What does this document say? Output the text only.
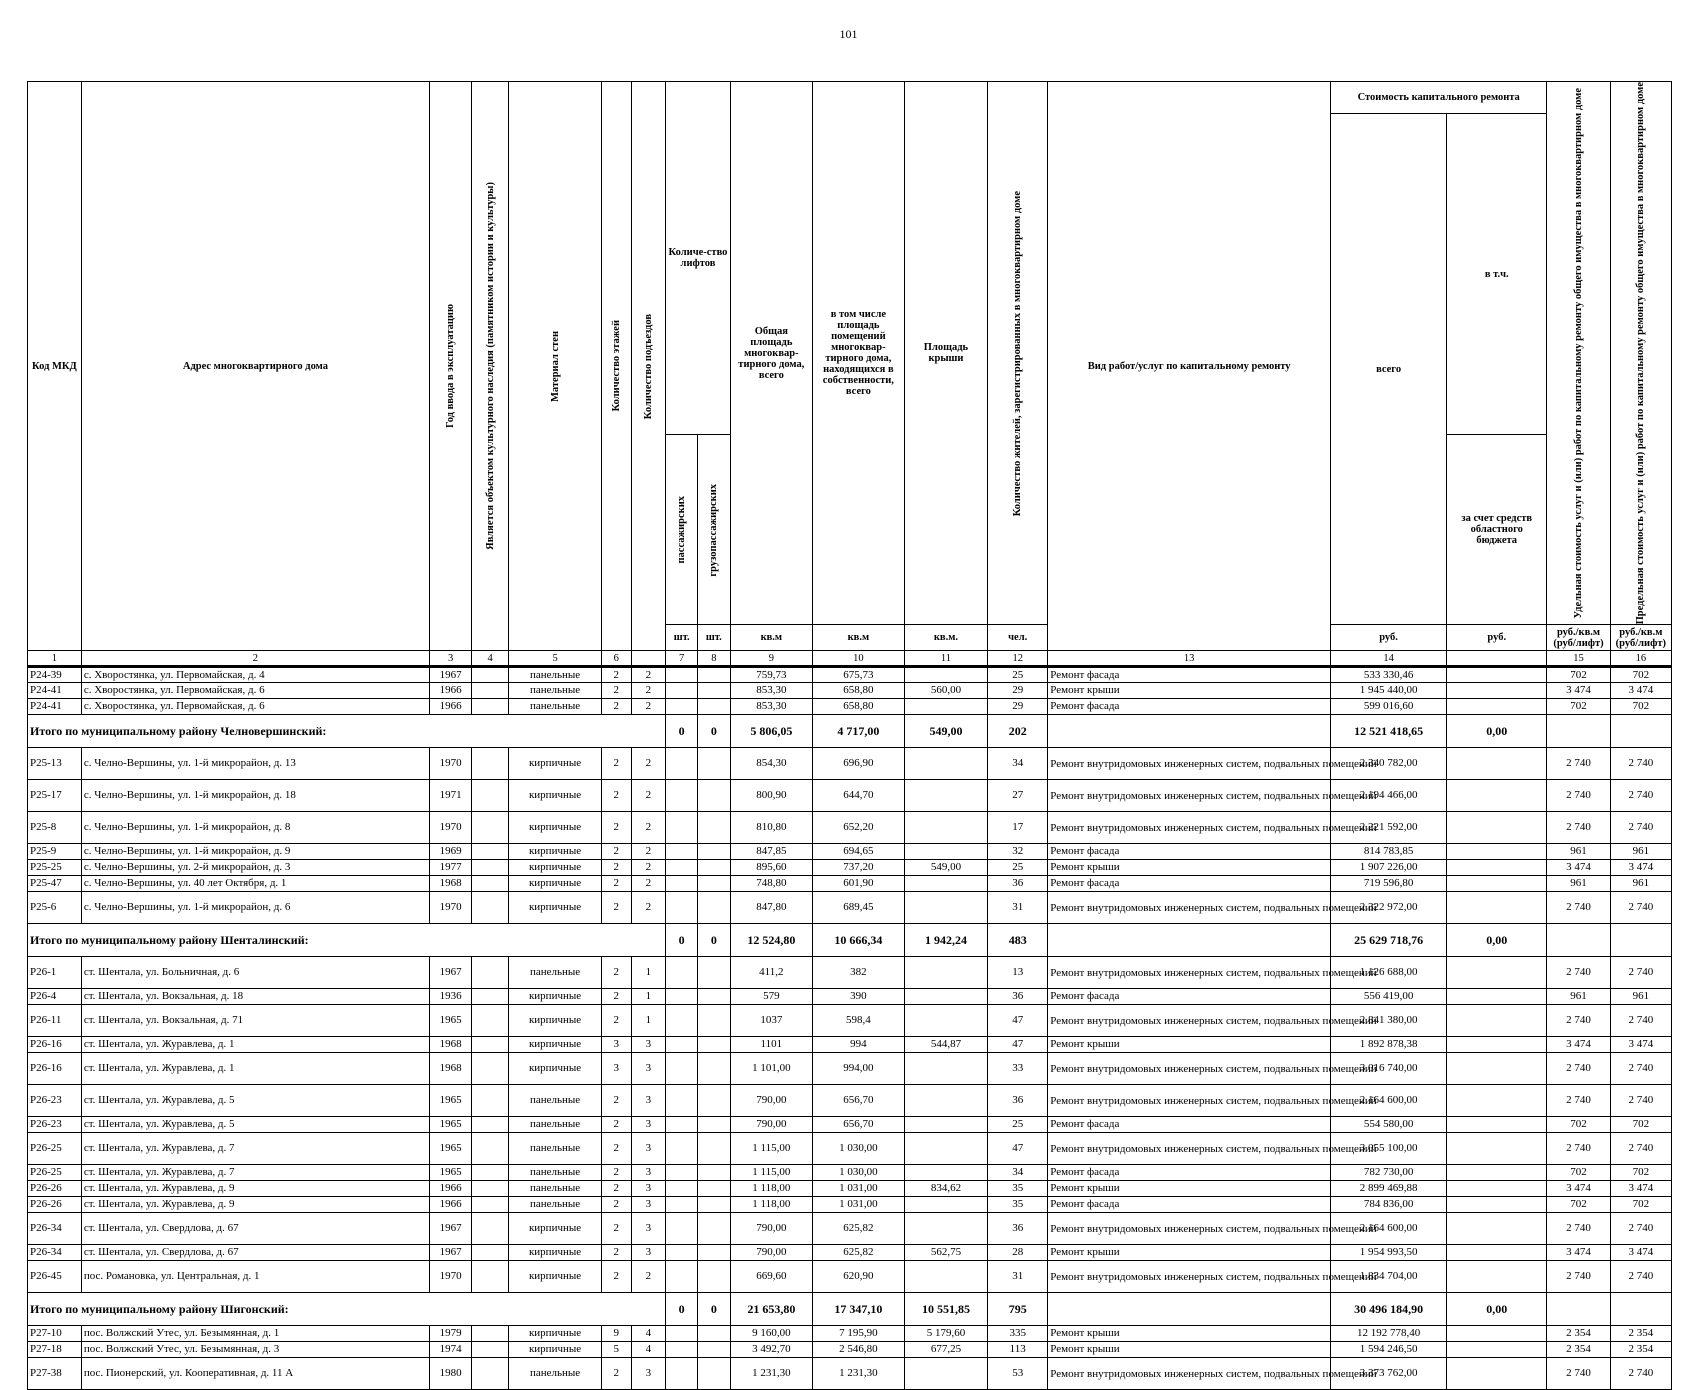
101
Код МКД	Адрес многоквартирного дома	Год ввода в эксплуатацию	Является объектом культурного наследия (памятником истории и культуры)	Материал стен	Количество этажей	Количество подъездов	Количе-ство лифтов		Общая площадь многоквар-тирного дома, всего	в том числе площадь помещений многоквар-тирного дома, находящихся в собственности, всего	Площадь крыши	Количество жителей, зарегистрированных в многоквартирном доме	Вид работ/услуг по капитальному ремонту	Стоимость капитального ремонта		Удельная стоимость услуг и (или) работ по капитальному ремонту общего имущества в многоквартирном доме	Предельная стоимость услуг и (или) работ по капитальному ремонту общего имущества в многоквартирном доме

														всего	в т.ч.		

							пассажирских	грузопассажирских							за счет средств областного бюджета		
							шт.	шт.	кв.м	кв.м	кв.м.	чел.		руб.	руб.	руб./кв.м (руб/лифт)	руб./кв.м (руб/лифт)
1	2	3	4	5	6		7	8	9	10	11	12	13	14		15	16
Р24-39	с. Хворостянка, ул. Первомайская, д. 4	1967		панельные	2	2			759,73	675,73		25	Ремонт фасада	533 330,46		702	702
Р24-41	с. Хворостянка, ул. Первомайская, д. 6	1966		панельные	2	2			853,30	658,80	560,00	29	Ремонт крыши	1 945 440,00		3 474	3 474
Р24-41	с. Хворостянка, ул. Первомайская, д. 6	1966		панельные	2	2			853,30	658,80		29	Ремонт фасада	599 016,60		702	702
Итого по муниципальному району Челновершинский:							0	0	5 806,05	4 717,00	549,00	202		12 521 418,65	0,00		
Р25-13	с. Челно-Вершины, ул. 1-й микрорайон, д. 13	1970		кирпичные	2	2			854,30	696,90		34	Ремонт внутридомовых инженерных систем, подвальных помещений	2 340 782,00		2 740	2 740
Р25-17	с. Челно-Вершины, ул. 1-й микрорайон, д. 18	1971		кирпичные	2	2			800,90	644,70		27	Ремонт внутридомовых инженерных систем, подвальных помещений	2 194 466,00		2 740	2 740
Р25-8	с. Челно-Вершины, ул. 1-й микрорайон, д. 8	1970		кирпичные	2	2			810,80	652,20		17	Ремонт внутридомовых инженерных систем, подвальных помещений	2 221 592,00		2 740	2 740
Р25-9	с. Челно-Вершины, ул. 1-й микрорайон, д. 9	1969		кирпичные	2	2			847,85	694,65		32	Ремонт фасада	814 783,85		961	961
Р25-25	с. Челно-Вершины, ул. 2-й микрорайон, д. 3	1977		кирпичные	2	2			895,60	737,20	549,00	25	Ремонт крыши	1 907 226,00		3 474	3 474
Р25-47	с. Челно-Вершины, ул. 40 лет Октября, д. 1	1968		кирпичные	2	2			748,80	601,90		36	Ремонт фасада	719 596,80		961	961
Р25-6	с. Челно-Вершины, ул. 1-й микрорайон, д. 6	1970		кирпичные	2	2			847,80	689,45		31	Ремонт внутридомовых инженерных систем, подвальных помещений	2 322 972,00		2 740	2 740
Итого по муниципальному району Шенталинский:							0	0	12 524,80	10 666,34	1 942,24	483		25 629 718,76	0,00		
Р26-1	ст. Шентала, ул. Больничная, д. 6	1967		панельные	2	1			411,2	382		13	Ремонт внутридомовых инженерных систем, подвальных помещений	1 126 688,00		2 740	2 740
Р26-4	ст. Шентала, ул. Вокзальная, д. 18	1936		кирпичные	2	1			579	390		36	Ремонт фасада	556 419,00		961	961
Р26-11	ст. Шентала, ул. Вокзальная, д. 71	1965		кирпичные	2	1			1037	598,4		47	Ремонт внутридомовых инженерных систем, подвальных помещений	2 841 380,00		2 740	2 740
Р26-16	ст. Шентала, ул. Журавлева, д. 1	1968		кирпичные	3	3			1101	994	544,87	47	Ремонт крыши	1 892 878,38		3 474	3 474
Р26-16	ст. Шентала, ул. Журавлева, д. 1	1968		кирпичные	3	3			1 101,00	994,00		33	Ремонт внутридомовых инженерных систем, подвальных помещений	3 016 740,00		2 740	2 740
Р26-23	ст. Шентала, ул. Журавлева, д. 5	1965		панельные	2	3			790,00	656,70		36	Ремонт внутридомовых инженерных систем, подвальных помещений	2 164 600,00		2 740	2 740
Р26-23	ст. Шентала, ул. Журавлева, д. 5	1965		панельные	2	3			790,00	656,70		25	Ремонт фасада	554 580,00		702	702
Р26-25	ст. Шентала, ул. Журавлева, д. 7	1965		панельные	2	3			1 115,00	1 030,00		47	Ремонт внутридомовых инженерных систем, подвальных помещений	3 055 100,00		2 740	2 740
Р26-25	ст. Шентала, ул. Журавлева, д. 7	1965		панельные	2	3			1 115,00	1 030,00		34	Ремонт фасада	782 730,00		702	702
Р26-26	ст. Шентала, ул. Журавлева, д. 9	1966		панельные	2	3			1 118,00	1 031,00	834,62	35	Ремонт крыши	2 899 469,88		3 474	3 474
Р26-26	ст. Шентала, ул. Журавлева, д. 9	1966		панельные	2	3			1 118,00	1 031,00		35	Ремонт фасада	784 836,00		702	702
Р26-34	ст. Шентала, ул. Свердлова, д. 67	1967		кирпичные	2	3			790,00	625,82		36	Ремонт внутридомовых инженерных систем, подвальных помещений	2 164 600,00		2 740	2 740
Р26-34	ст. Шентала, ул. Свердлова, д. 67	1967		кирпичные	2	3			790,00	625,82	562,75	28	Ремонт крыши	1 954 993,50		3 474	3 474
Р26-45	пос. Романовка, ул. Центральная, д. 1	1970		кирпичные	2	2			669,60	620,90		31	Ремонт внутридомовых инженерных систем, подвальных помещений	1 834 704,00		2 740	2 740
Итого по муниципальному району Шигонский:							0	0	21 653,80	17 347,10	10 551,85	795		30 496 184,90	0,00		
Р27-10	пос. Волжский Утес, ул. Безымянная, д. 1	1979		кирпичные	9	4			9 160,00	7 195,90	5 179,60	335	Ремонт крыши	12 192 778,40		2 354	2 354
Р27-18	пос. Волжский Утес, ул. Безымянная, д. 3	1974		кирпичные	5	4			3 492,70	2 546,80	677,25	113	Ремонт крыши	1 594 246,50		2 354	2 354
Р27-38	пос. Пионерский, ул. Кооперативная, д. 11 А	1980		панельные	2	3			1 231,30	1 231,30		53	Ремонт внутридомовых инженерных систем, подвальных помещений	3 373 762,00		2 740	2 740
